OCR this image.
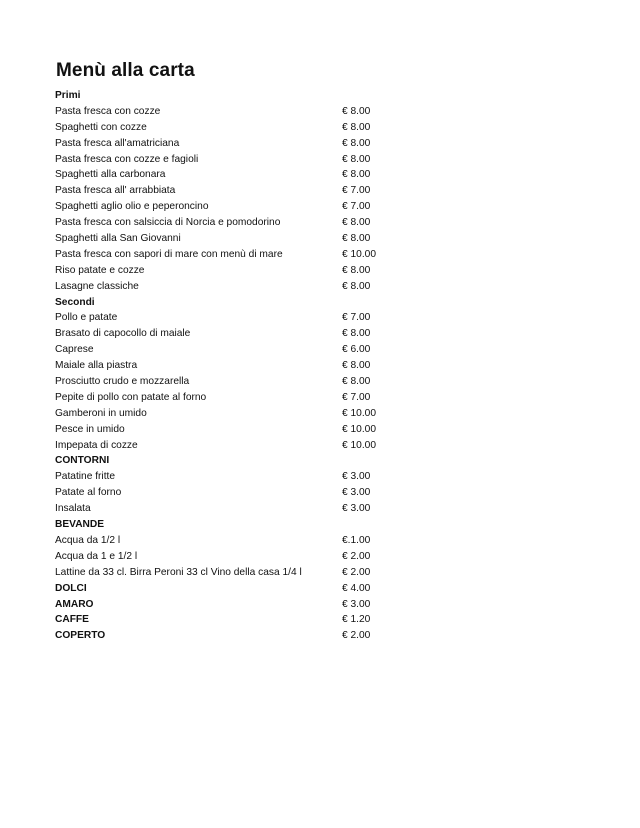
Menù alla carta
Primi
Pasta fresca con cozze	€ 8.00
Spaghetti con cozze	€ 8.00
Pasta fresca all'amatriciana	€ 8.00
Pasta fresca con cozze e fagioli	€ 8.00
Spaghetti alla carbonara	€ 8.00
Pasta fresca all' arrabbiata	€ 7.00
Spaghetti aglio olio e peperoncino	€ 7.00
Pasta fresca con salsiccia di Norcia e pomodorino	€ 8.00
Spaghetti alla San Giovanni	€ 8.00
Pasta fresca con sapori di mare con menù di mare	€ 10.00
Riso patate e cozze	€ 8.00
Lasagne classiche	€ 8.00
Secondi
Pollo e patate	€ 7.00
Brasato di capocollo di maiale	€ 8.00
Caprese	€ 6.00
Maiale alla piastra	€ 8.00
Prosciutto crudo e mozzarella	€ 8.00
Pepite di pollo con patate al forno	€ 7.00
Gamberoni in umido	€ 10.00
Pesce in umido	€ 10.00
Impepata di cozze	€ 10.00
CONTORNI
Patatine fritte	€ 3.00
Patate al forno	€ 3.00
Insalata	€ 3.00
BEVANDE
Acqua da 1/2 l	€.1.00
Acqua da 1 e 1/2 l	€ 2.00
Lattine da 33 cl. Birra Peroni 33 cl Vino della casa 1/4 l	€ 2.00
DOLCI	€ 4.00
AMARO	€ 3.00
CAFFE	€ 1.20
COPERTO	€ 2.00
